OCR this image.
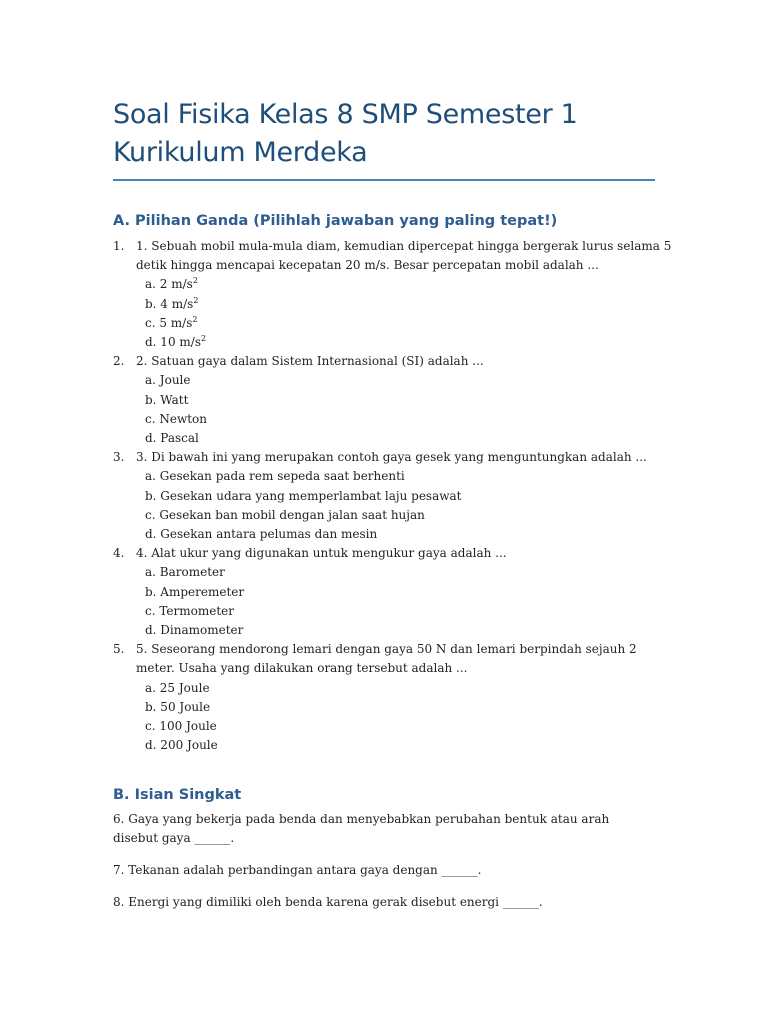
Soal Fisika Kelas 8 SMP Semester 1 Kurikulum Merdeka
A. Pilihan Ganda (Pilihlah jawaban yang paling tepat!)
1. 1. Sebuah mobil mula-mula diam, kemudian dipercepat hingga bergerak lurus selama 5 detik hingga mencapai kecepatan 20 m/s. Besar percepatan mobil adalah ...
a. 2 $m/s^2$
b. 4 $m/s^2$
c. 5 $m/s^2$
d. 10 $m/s^2$
2. 2. Satuan gaya dalam Sistem Internasional (SI) adalah ...
a. Joule
b. Watt
c. Newton
d. Pascal
3. 3. Di bawah ini yang merupakan contoh gaya gesek yang menguntungkan adalah ...
a. Gesekan pada rem sepeda saat berhenti
b. Gesekan udara yang memperlambat laju pesawat
c. Gesekan ban mobil dengan jalan saat hujan
d. Gesekan antara pelumas dan mesin
4. 4. Alat ukur yang digunakan untuk mengukur gaya adalah ...
a. Barometer
b. Amperemeter
c. Termometer
d. Dinamometer
5. 5. Seseorang mendorong lemari dengan gaya 50 N dan lemari berpindah sejauh 2 meter. Usaha yang dilakukan orang tersebut adalah ...
a. 25 Joule
b. 50 Joule
c. 100 Joule
d. 200 Joule
B. Isian Singkat

6. Gaya yang bekerja pada benda dan menyebabkan perubahan bentuk atau arah disebut gaya ______.

7. Tekanan adalah perbandingan antara gaya dengan ______.

8. Energi yang dimiliki oleh benda karena gerak disebut energi ______.
